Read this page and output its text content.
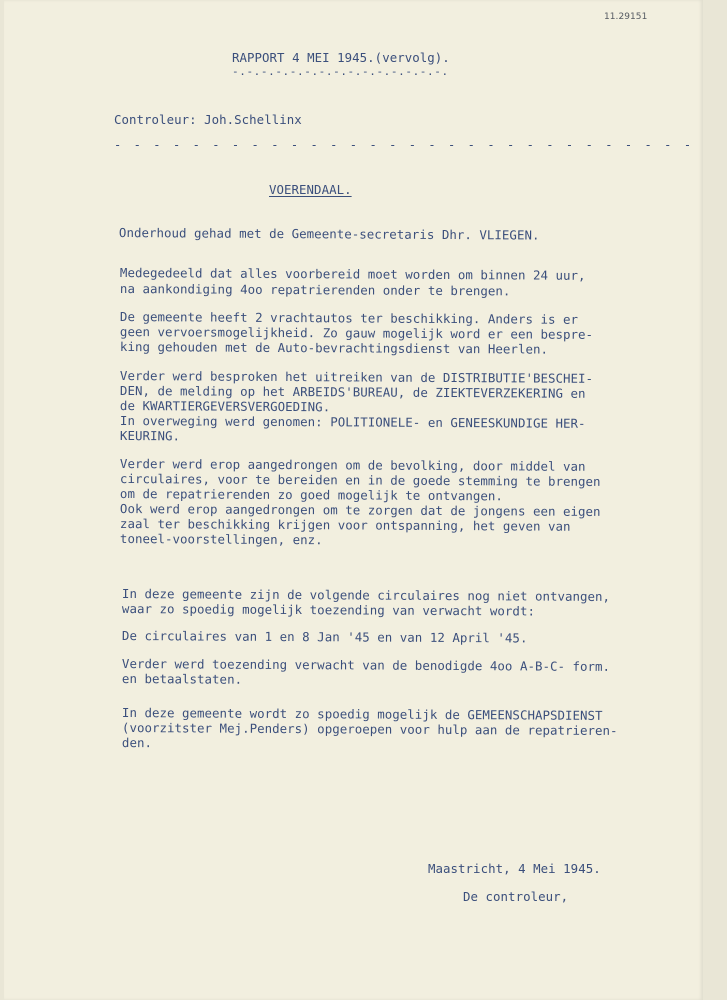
11.29151
RAPPORT 4 MEI 1945.(vervolg).
-.-.-.-.-.-.-.-.-.-.-.-.-.-.-.
Controleur: Joh.Schellinx
- - - - - - - - - - - - - - - - - - - - - - - - - - - - - -
VOERENDAAL.
Onderhoud gehad met de Gemeente-secretaris Dhr. VLIEGEN.
Medegedeeld dat alles voorbereid moet worden om binnen 24 uur,
na aankondiging 4oo repatrierenden onder te brengen.
De gemeente heeft 2 vrachtautos ter beschikking. Anders is er
geen vervoersmogelijkheid. Zo gauw mogelijk word er een bespre-
king gehouden met de Auto-bevrachtingsdienst van Heerlen.
Verder werd besproken het uitreiken van de DISTRIBUTIE'BESCHEI-
DEN, de melding op het ARBEIDS'BUREAU, de ZIEKTEVERZEKERING en
de KWARTIERGEVERSVERGOEDING.
In overweging werd genomen: POLITIONELE- en GENEESKUNDIGE HER-
KEURING.
Verder werd erop aangedrongen om de bevolking, door middel van
circulaires, voor te bereiden en in de goede stemming te brengen
om de repatrierenden zo goed mogelijk te ontvangen.
Ook werd erop aangedrongen om te zorgen dat de jongens een eigen
zaal ter beschikking krijgen voor ontspanning, het geven van
toneel-voorstellingen, enz.
In deze gemeente zijn de volgende circulaires nog niet ontvangen,
waar zo spoedig mogelijk toezending van verwacht wordt:
De circulaires van 1 en 8 Jan '45 en van 12 April '45.
Verder werd toezending verwacht van de benodigde 4oo A-B-C- form.
en betaalstaten.
In deze gemeente wordt zo spoedig mogelijk de GEMEENSCHAPSDIENST
(voorzitster Mej.Penders) opgeroepen voor hulp aan de repatrieren-
den.
Maastricht, 4 Mei 1945.
De controleur,
